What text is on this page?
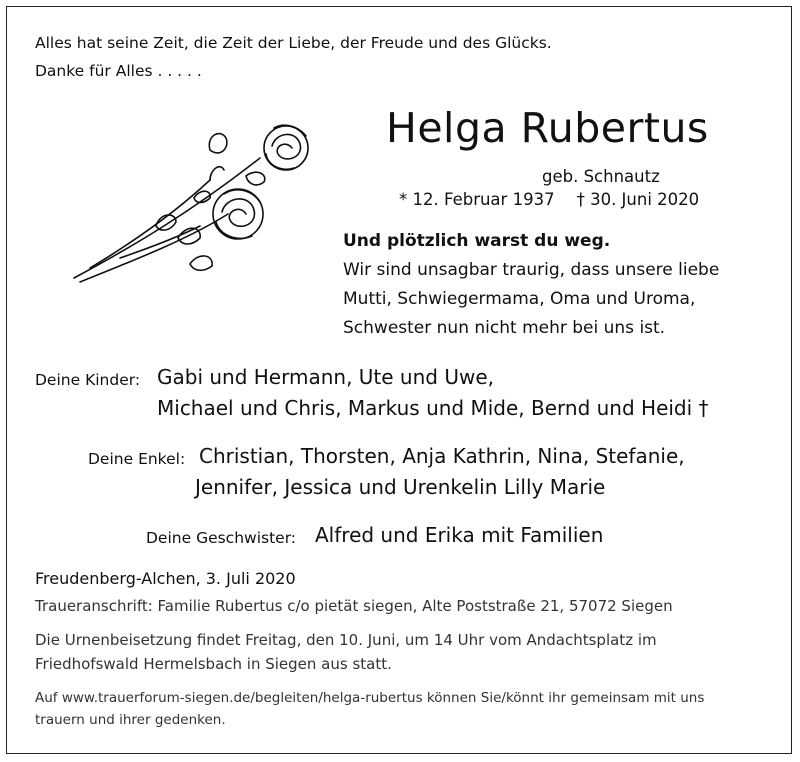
Alles hat seine Zeit, die Zeit der Liebe, der Freude und des Glücks.
Danke für Alles . . . . .
Helga Rubertus
geb. Schnautz
* 12. Februar 1937 † 30. Juni 2020
Und plötzlich warst du weg.
Wir sind unsagbar traurig, dass unsere liebe
Mutti, Schwiegermama, Oma und Uroma,
Schwester nun nicht mehr bei uns ist.
Deine Kinder: Gabi und Hermann, Ute und Uwe,
Michael und Chris, Markus und Mide, Bernd und Heidi †
Deine Enkel: Christian, Thorsten, Anja Kathrin, Nina, Stefanie,
Jennifer, Jessica und Urenkelin Lilly Marie
Deine Geschwister: Alfred und Erika mit Familien
Freudenberg-Alchen, 3. Juli 2020
Traueranschrift: Familie Rubertus c/o pietät siegen, Alte Poststraße 21, 57072 Siegen
Die Urnenbeisetzung findet Freitag, den 10. Juni, um 14 Uhr vom Andachtsplatz im
Friedhofswald Hermelsbach in Siegen aus statt.
Auf www.trauerforum-siegen.de/begleiten/helga-rubertus können Sie/könnt ihr gemeinsam mit uns
trauern und ihrer gedenken.
